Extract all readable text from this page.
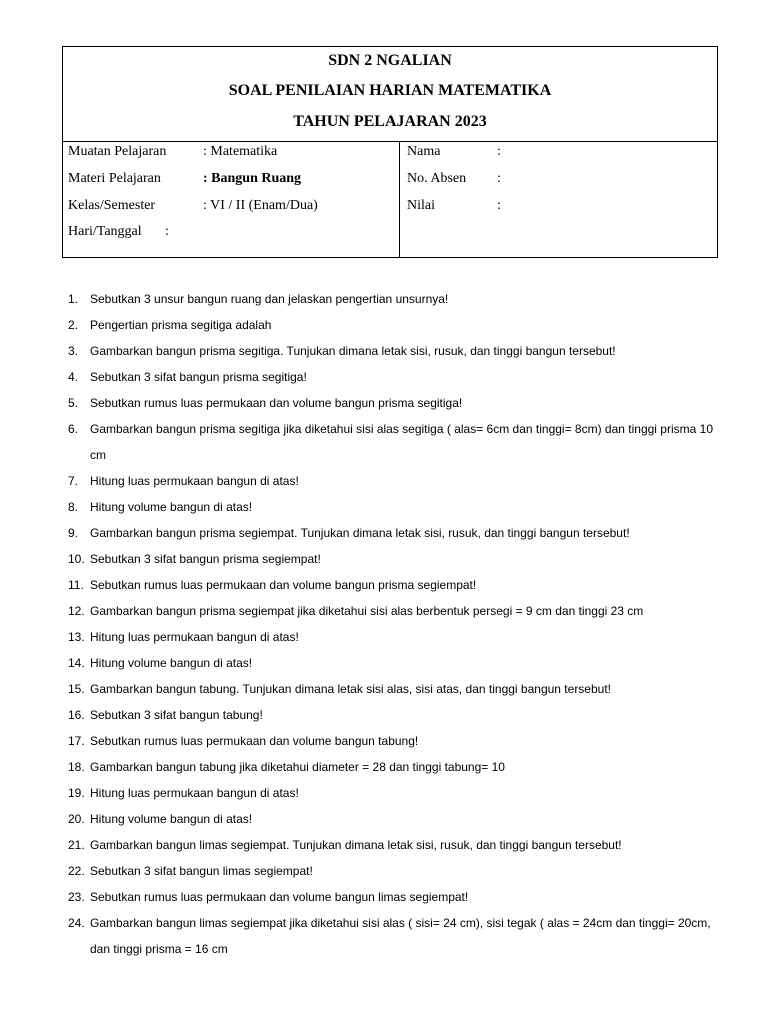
SDN 2 NGALIAN
SOAL PENILAIAN HARIAN MATEMATIKA
TAHUN PELAJARAN 2023
Muatan Pelajaran	: Matematika
Materi Pelajaran	: Bangun Ruang
Kelas/Semester	: VI / II (Enam/Dua)
Hari/Tanggal :
Nama	:
No. Absen :
Nilai	:
1. Sebutkan 3 unsur bangun ruang dan jelaskan pengertian unsurnya!
2. Pengertian prisma segitiga adalah
3. Gambarkan bangun prisma segitiga. Tunjukan dimana letak sisi, rusuk, dan tinggi bangun tersebut!
4. Sebutkan 3 sifat bangun prisma segitiga!
5. Sebutkan rumus luas permukaan dan volume bangun prisma segitiga!
6. Gambarkan bangun prisma segitiga jika diketahui sisi alas segitiga ( alas= 6cm dan tinggi= 8cm) dan tinggi prisma 10 cm
7. Hitung luas permukaan bangun di atas!
8. Hitung volume bangun di atas!
9. Gambarkan bangun prisma segiempat. Tunjukan dimana letak sisi, rusuk, dan tinggi bangun tersebut!
10. Sebutkan 3 sifat bangun prisma segiempat!
11. Sebutkan rumus luas permukaan dan volume bangun prisma segiempat!
12. Gambarkan bangun prisma segiempat jika diketahui sisi alas berbentuk persegi = 9 cm dan tinggi 23 cm
13. Hitung luas permukaan bangun di atas!
14. Hitung volume bangun di atas!
15. Gambarkan bangun tabung. Tunjukan dimana letak sisi alas, sisi atas, dan tinggi bangun tersebut!
16. Sebutkan 3 sifat bangun tabung!
17. Sebutkan rumus luas permukaan dan volume bangun tabung!
18. Gambarkan bangun tabung jika diketahui diameter = 28 dan tinggi tabung= 10
19. Hitung luas permukaan bangun di atas!
20. Hitung volume bangun di atas!
21. Gambarkan bangun limas segiempat. Tunjukan dimana letak sisi, rusuk, dan tinggi bangun tersebut!
22. Sebutkan 3 sifat bangun limas segiempat!
23. Sebutkan rumus luas permukaan dan volume bangun limas segiempat!
24. Gambarkan bangun limas segiempat jika diketahui sisi alas ( sisi= 24 cm), sisi tegak ( alas = 24cm dan tinggi= 20cm, dan tinggi prisma = 16 cm
